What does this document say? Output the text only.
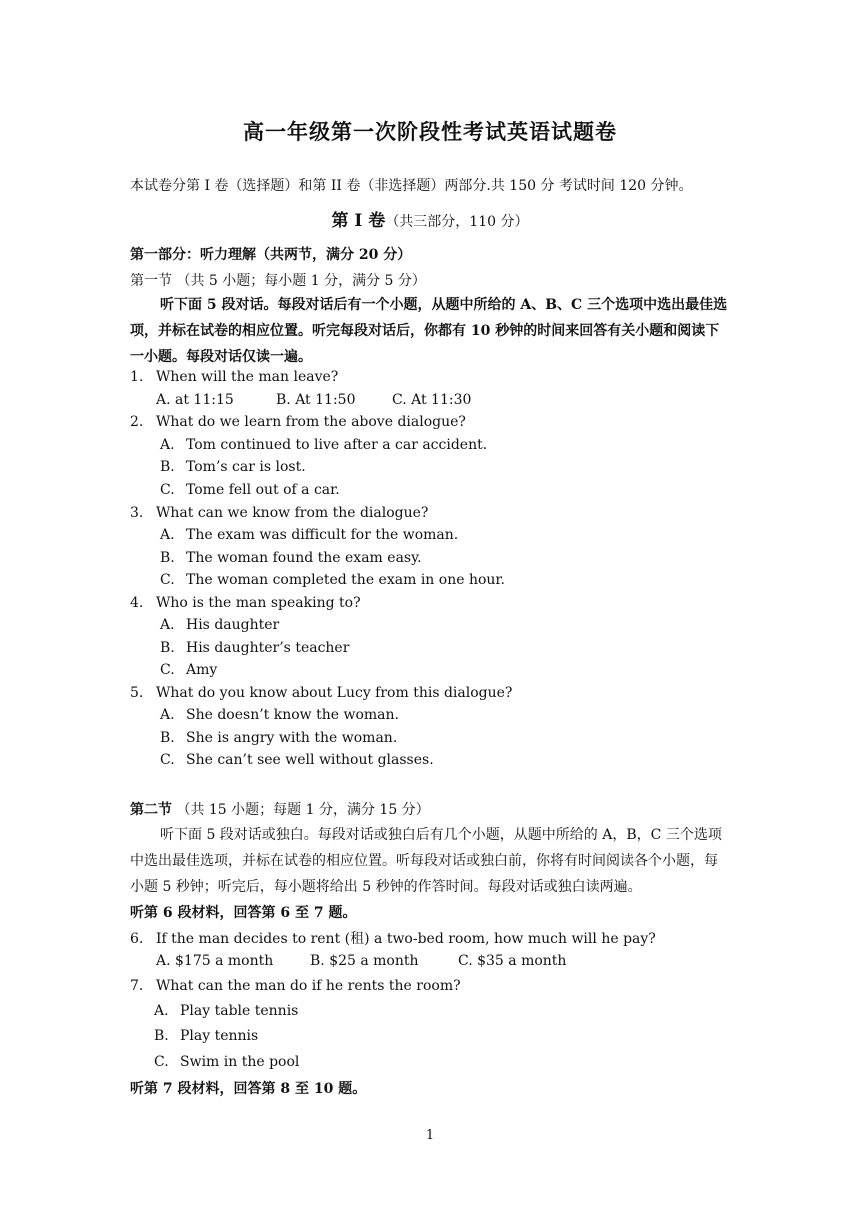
高一年级第一次阶段性考试英语试题卷
本试卷分第 I 卷（选择题）和第 II 卷（非选择题）两部分.共 150 分 考试时间 120 分钟。
第 I 卷（共三部分，110 分）
第一部分：听力理解（共两节，满分 20 分）
第一节 （共 5 小题；每小题 1 分，满分 5 分）
听下面 5 段对话。每段对话后有一个小题，从题中所给的 A、B、C 三个选项中选出最佳选项，并标在试卷的相应位置。听完每段对话后，你都有 10 秒钟的时间来回答有关小题和阅读下一小题。每段对话仅读一遍。
1. When will the man leave?
A. at 11:15	B. At 11:50	C. At 11:30
2. What do we learn from the above dialogue?
A. Tom continued to live after a car accident.
B. Tom’s car is lost.
C. Tome fell out of a car.
3. What can we know from the dialogue?
A. The exam was difficult for the woman.
B. The woman found the exam easy.
C. The woman completed the exam in one hour.
4. Who is the man speaking to?
A. His daughter
B. His daughter’s teacher
C. Amy
5. What do you know about Lucy from this dialogue?
A. She doesn’t know the woman.
B. She is angry with the woman.
C. She can’t see well without glasses.
第二节 （共 15 小题；每题 1 分，满分 15 分）
听下面 5 段对话或独白。每段对话或独白后有几个小题，从题中所给的 A，B，C 三个选项中选出最佳选项，并标在试卷的相应位置。听每段对话或独白前，你将有时间阅读各个小题，每小题 5 秒钟；听完后，每小题将给出 5 秒钟的作答时间。每段对话或独白读两遍。
听第 6 段材料，回答第 6 至 7 题。
6. If the man decides to rent (租) a two-bed room, how much will he pay?
A. $175 a month	B. $25 a month	C. $35 a month
7. What can the man do if he rents the room?
A. Play table tennis
B. Play tennis
C. Swim in the pool
听第 7 段材料，回答第 8 至 10 题。
1
